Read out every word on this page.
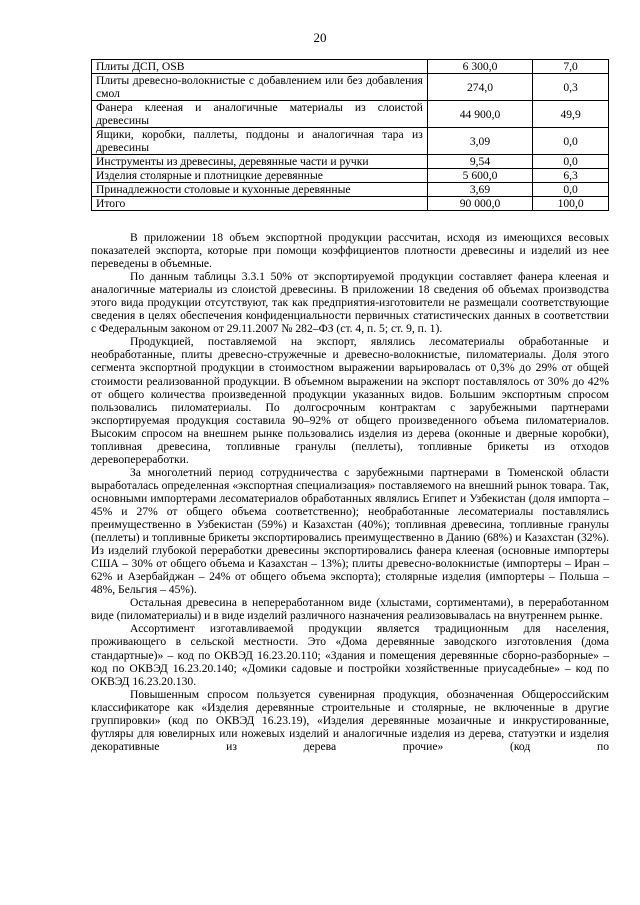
20
Плиты ДСП, OSB	6 300,0	7,0
Плиты древесно-волокнистые с добавлением или без добавления смол	274,0	0,3
Фанера клееная и аналогичные материалы из слоистой древесины	44 900,0	49,9
Ящики, коробки, паллеты, поддоны и аналогичная тара из древесины	3,09	0,0
Инструменты из древесины, деревянные части и ручки	9,54	0,0
Изделия столярные и плотницкие деревянные	5 600,0	6,3
Принадлежности столовые и кухонные деревянные	3,69	0,0
Итого	90 000,0	100,0

В приложении 18 объем экспортной продукции рассчитан, исходя из имеющихся весовых показателей экспорта, которые при помощи коэффициентов плотности древесины и изделий из нее переведены в объемные.

По данным таблицы 3.3.1 50% от экспортируемой продукции составляет фанера клееная и аналогичные материалы из слоистой древесины. В приложении 18 сведения об объемах производства этого вида продукции отсутствуют, так как предприятия-изготовители не размещали соответствующие сведения в целях обеспечения конфиденциальности первичных статистических данных в соответствии с Федеральным законом от 29.11.2007 № 282–ФЗ (ст. 4, п. 5; ст. 9, п. 1).

Продукцией, поставляемой на экспорт, являлись лесоматериалы обработанные и необработанные, плиты древесно-стружечные и древесно-волокнистые, пиломатериалы. Доля этого сегмента экспортной продукции в стоимостном выражении варьировалась от 0,3% до 29% от общей стоимости реализованной продукции. В объемном выражении на экспорт поставлялось от 30% до 42% от общего количества произведенной продукции указанных видов. Большим экспортным спросом пользовались пиломатериалы. По долгосрочным контрактам с зарубежными партнерами экспортируемая продукция составила 90–92% от общего произведенного объема пиломатериалов. Высоким спросом на внешнем рынке пользовались изделия из дерева (оконные и дверные коробки), топливная древесина, топливные гранулы (пеллеты), топливные брикеты из отходов деревопереработки.

За многолетний период сотрудничества с зарубежными партнерами в Тюменской области выработалась определенная «экспортная специализация» поставляемого на внешний рынок товара. Так, основными импортерами лесоматериалов обработанных являлись Египет и Узбекистан (доля импорта – 45% и 27% от общего объема соответственно); необработанные лесоматериалы поставлялись преимущественно в Узбекистан (59%) и Казахстан (40%); топливная древесина, топливные гранулы (пеллеты) и топливные брикеты экспортировались преимущественно в Данию (68%) и Казахстан (32%). Из изделий глубокой переработки древесины экспортировались фанера клееная (основные импортеры США – 30% от общего объема и Казахстан – 13%); плиты древесно-волокнистые (импортеры – Иран – 62% и Азербайджан – 24% от общего объема экспорта); столярные изделия (импортеры – Польша – 48%, Бельгия – 45%).

Остальная древесина в непереработанном виде (хлыстами, сортиментами), в переработанном виде (пиломатериалы) и в виде изделий различного назначения реализовывалась на внутреннем рынке.

Ассортимент изготавливаемой продукции является традиционным для населения, проживающего в сельской местности. Это «Дома деревянные заводского изготовления (дома стандартные)» – код по ОКВЭД 16.23.20.110; «Здания и помещения деревянные сборно-разборные» – код по ОКВЭД 16.23.20.140; «Домики садовые и постройки хозяйственные приусадебные» – код по ОКВЭД 16.23.20.130.

Повышенным спросом пользуется сувенирная продукция, обозначенная Общероссийским классификаторе как «Изделия деревянные строительные и столярные, не включенные в другие группировки» (код по ОКВЭД 16.23.19), «Изделия деревянные мозаичные и инкрустированные, футляры для ювелирных или ножевых изделий и аналогичные изделия из дерева, статуэтки и изделия декоративные из дерева прочие» (код по
